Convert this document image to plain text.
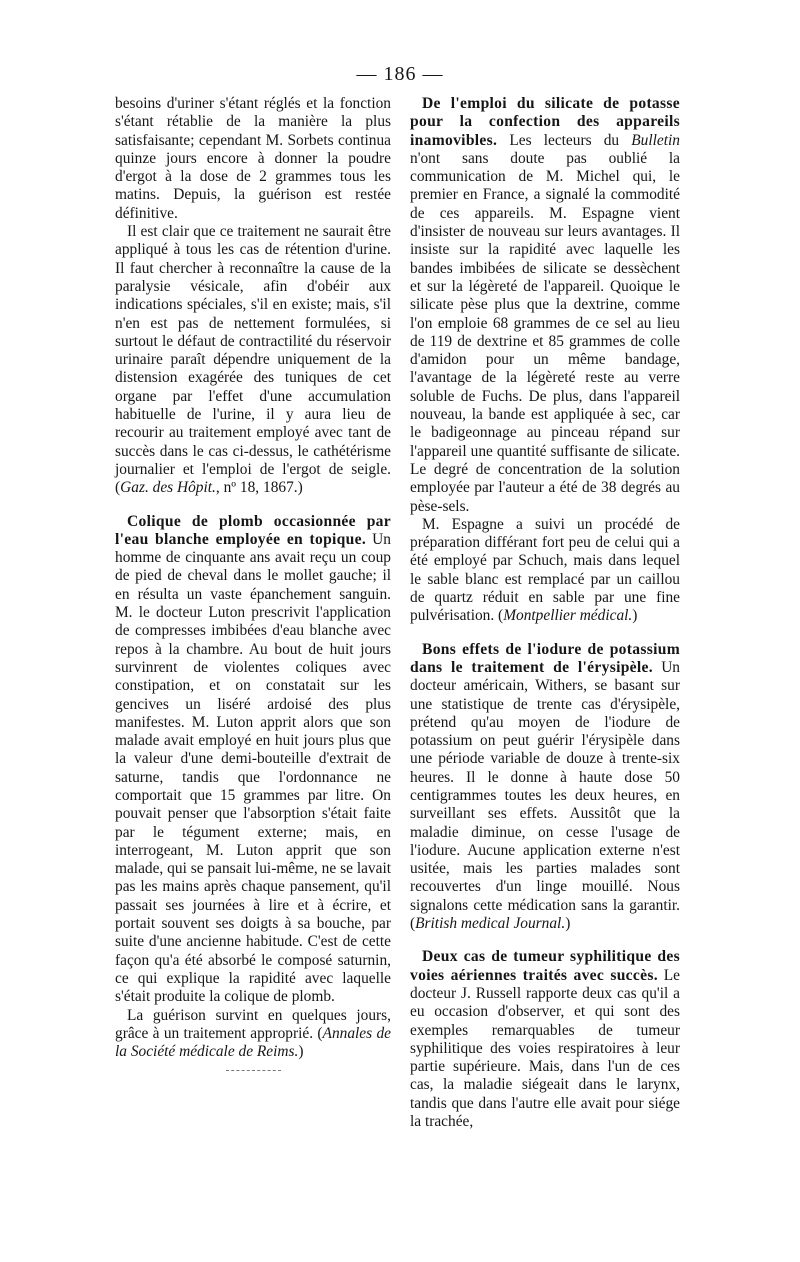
— 186 —

besoins d'uriner s'étant réglés et la fonction s'étant rétablie de la manière la plus satisfaisante; cependant M. Sorbets continua quinze jours encore à donner la poudre d'ergot à la dose de 2 grammes tous les matins. Depuis, la guérison est restée définitive.

Il est clair que ce traitement ne saurait être appliqué à tous les cas de rétention d'urine. Il faut chercher à reconnaître la cause de la paralysie vésicale, afin d'obéir aux indications spéciales, s'il en existe; mais, s'il n'en est pas de nettement formulées, si surtout le défaut de contractilité du réservoir urinaire paraît dépendre uniquement de la distension exagérée des tuniques de cet organe par l'effet d'une accumulation habituelle de l'urine, il y aura lieu de recourir au traitement employé avec tant de succès dans le cas ci-dessus, le cathétérisme journalier et l'emploi de l'ergot de seigle. (Gaz. des Hôpit., nº 18, 1867.)

Colique de plomb occasionnée par l'eau blanche employée en topique. Un homme de cinquante ans avait reçu un coup de pied de cheval dans le mollet gauche; il en résulta un vaste épanchement sanguin. M. le docteur Luton prescrivit l'application de compresses imbibées d'eau blanche avec repos à la chambre. Au bout de huit jours survinrent de violentes coliques avec constipation, et on constatait sur les gencives un liséré ardoisé des plus manifestes. M. Luton apprit alors que son malade avait employé en huit jours plus que la valeur d'une demi-bouteille d'extrait de saturne, tandis que l'ordonnance ne comportait que 15 grammes par litre. On pouvait penser que l'absorption s'était faite par le tégument externe; mais, en interrogeant, M. Luton apprit que son malade, qui se pansait lui-même, ne se lavait pas les mains après chaque pansement, qu'il passait ses journées à lire et à écrire, et portait souvent ses doigts à sa bouche, par suite d'une ancienne habitude. C'est de cette façon qu'a été absorbé le composé saturnin, ce qui explique la rapidité avec laquelle s'était produite la colique de plomb.

La guérison survint en quelques jours, grâce à un traitement approprié. (Annales de la Société médicale de Reims.)

De l'emploi du silicate de potasse pour la confection des appareils inamovibles. Les lecteurs du Bulletin n'ont sans doute pas oublié la communication de M. Michel qui, le premier en France, a signalé la commodité de ces appareils. M. Espagne vient d'insister de nouveau sur leurs avantages. Il insiste sur la rapidité avec laquelle les bandes imbibées de silicate se dessèchent et sur la légèreté de l'appareil. Quoique le silicate pèse plus que la dextrine, comme l'on emploie 68 grammes de ce sel au lieu de 119 de dextrine et 85 grammes de colle d'amidon pour un même bandage, l'avantage de la légèreté reste au verre soluble de Fuchs. De plus, dans l'appareil nouveau, la bande est appliquée à sec, car le badigeonnage au pinceau répand sur l'appareil une quantité suffisante de silicate. Le degré de concentration de la solution employée par l'auteur a été de 38 degrés au pèse-sels.

M. Espagne a suivi un procédé de préparation différant fort peu de celui qui a été employé par Schuch, mais dans lequel le sable blanc est remplacé par un caillou de quartz réduit en sable par une fine pulvérisation. (Montpellier médical.)

Bons effets de l'iodure de potassium dans le traitement de l'érysipèle. Un docteur américain, Withers, se basant sur une statistique de trente cas d'érysipèle, prétend qu'au moyen de l'iodure de potassium on peut guérir l'érysipèle dans une période variable de douze à trente-six heures. Il le donne à haute dose 50 centigrammes toutes les deux heures, en surveillant ses effets. Aussitôt que la maladie diminue, on cesse l'usage de l'iodure. Aucune application externe n'est usitée, mais les parties malades sont recouvertes d'un linge mouillé. Nous signalons cette médication sans la garantir. (British medical Journal.)

Deux cas de tumeur syphilitique des voies aériennes traités avec succès. Le docteur J. Russell rapporte deux cas qu'il a eu occasion d'observer, et qui sont des exemples remarquables de tumeur syphilitique des voies respiratoires à leur partie supérieure. Mais, dans l'un de ces cas, la maladie siégeait dans le larynx, tandis que dans l'autre elle avait pour siége la trachée,
